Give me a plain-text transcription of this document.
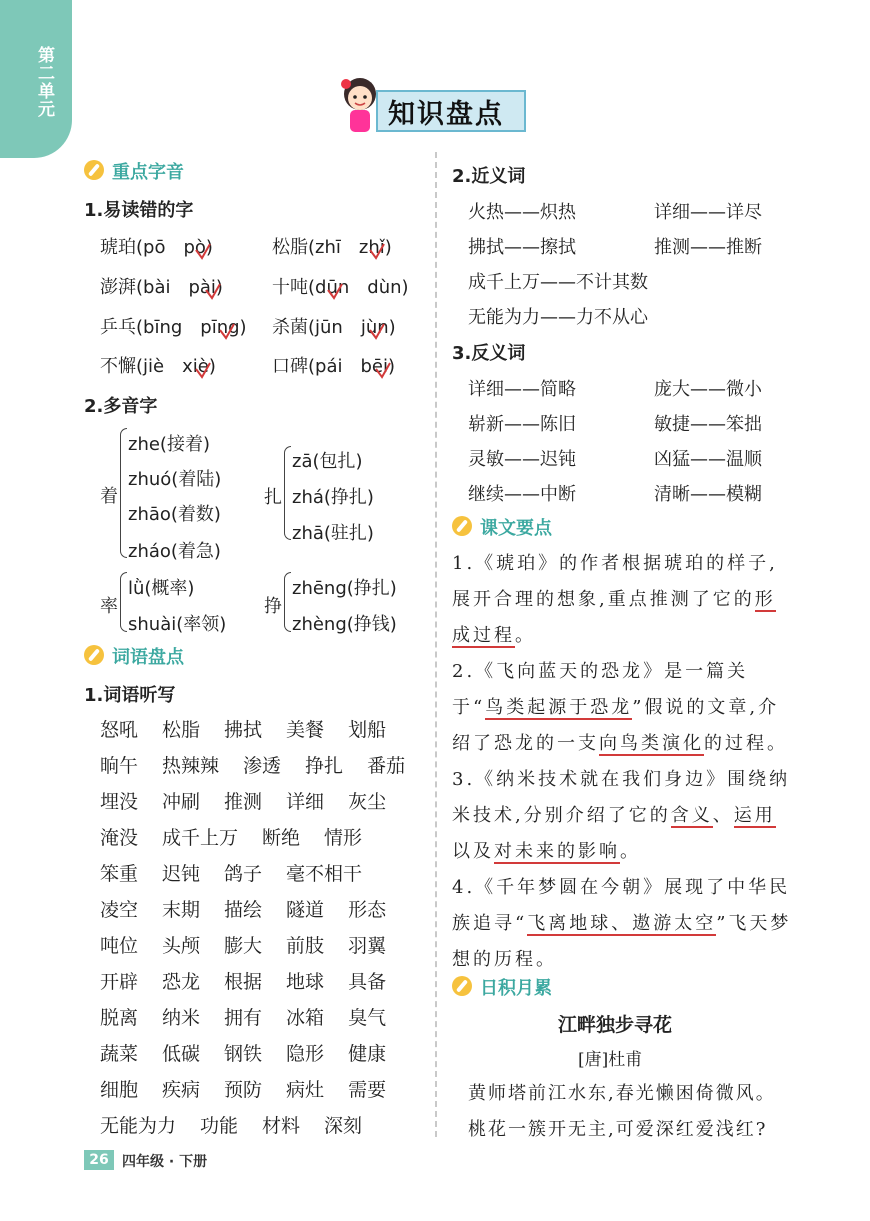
第二单元	知识盘点
重点字音
1.易读错的字
琥珀(pō　pò)	松脂(zhī　zhǐ)
澎湃(bài　pài)	十吨(dūn　dùn)
乒乓(bīng　pīng) 杀菌(jūn　jùn)
不懈(jiè　xiè)	口碑(pái　bēi)
2.多音字
着
zhe(接着)
zhuó(着陆)
zhāo(着数)
zháo(着急)
扎
zā(包扎)
zhá(挣扎)
zhā(驻扎)
率
lǜ(概率)
shuài(率领)
挣
zhēng(挣扎)
zhèng(挣钱)
词语盘点
1.词语听写
怒吼 松脂 拂拭 美餐 划船
晌午 热辣辣 渗透 挣扎 番茄
埋没 冲刷 推测 详细 灰尘
淹没 成千上万 断绝 情形
笨重 迟钝 鸽子 毫不相干
凌空 末期 描绘 隧道 形态
吨位 头颅 膨大 前肢 羽翼
开辟 恐龙 根据 地球 具备
脱离 纳米 拥有 冰箱 臭气
蔬菜 低碳 钢铁 隐形 健康
细胞 疾病 预防 病灶 需要
无能为力 功能 材料 深刻
2.近义词
火热——炽热	详细——详尽
拂拭——擦拭	推测——推断
成千上万——不计其数
无能为力——力不从心
3.反义词
详细——简略	庞大——微小
崭新——陈旧	敏捷——笨拙
灵敏——迟钝	凶猛——温顺
继续——中断	清晰——模糊
课文要点
1.《琥珀》的作者根据琥珀的样子,展开合理的想象,重点推测了它的形成过程。
2.《飞向蓝天的恐龙》是一篇关于“鸟类起源于恐龙”假说的文章,介绍了恐龙的一支向鸟类演化的过程。
3.《纳米技术就在我们身边》围绕纳米技术,分别介绍了它的含义、运用以及对未来的影响。
4.《千年梦圆在今朝》展现了中华民族追寻“飞离地球、遨游太空”飞天梦想的历程。
日积月累
江畔独步寻花
[唐]杜甫
黄师塔前江水东,春光懒困倚微风。
桃花一簇开无主,可爱深红爱浅红?
26 四年级 · 下册
